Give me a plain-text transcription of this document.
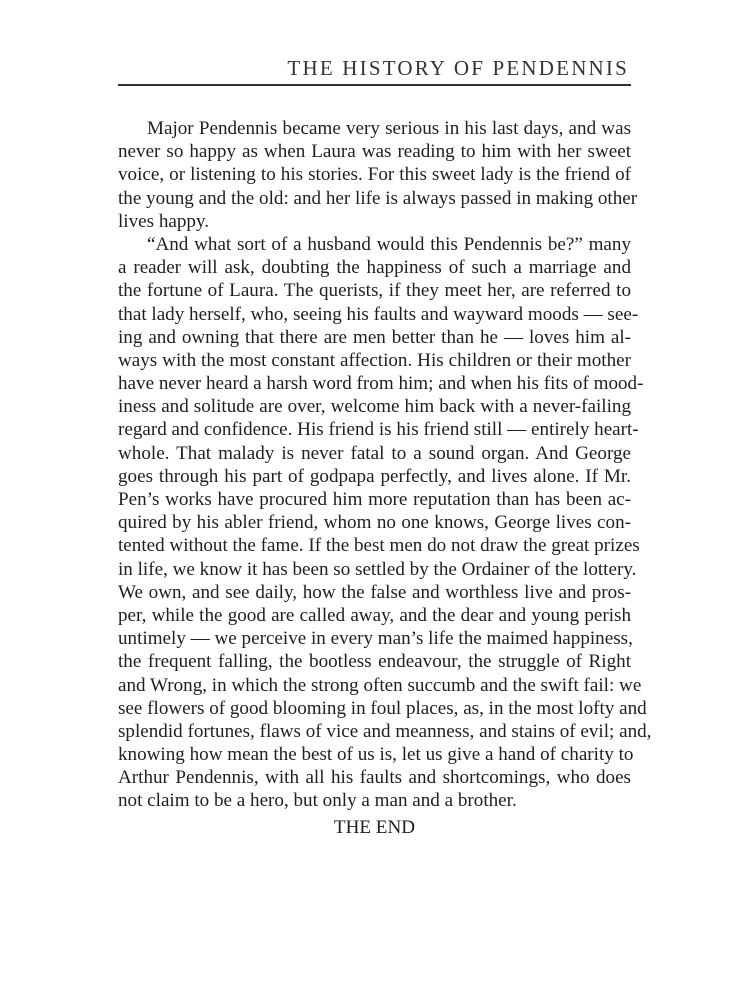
THE HISTORY OF PENDENNIS
Major Pendennis became very serious in his last days, and was
never so happy as when Laura was reading to him with her sweet
voice, or listening to his stories. For this sweet lady is the friend of
the young and the old: and her life is always passed in making other
lives happy.
“And what sort of a husband would this Pendennis be?” many
a reader will ask, doubting the happiness of such a marriage and
the fortune of Laura. The querists, if they meet her, are referred to
that lady herself, who, seeing his faults and wayward moods — see-
ing and owning that there are men better than he — loves him al-
ways with the most constant affection. His children or their mother
have never heard a harsh word from him; and when his fits of mood-
iness and solitude are over, welcome him back with a never-failing
regard and confidence. His friend is his friend still — entirely heart-
whole. That malady is never fatal to a sound organ. And George
goes through his part of godpapa perfectly, and lives alone. If Mr.
Pen’s works have procured him more reputation than has been ac-
quired by his abler friend, whom no one knows, George lives con-
tented without the fame. If the best men do not draw the great prizes
in life, we know it has been so settled by the Ordainer of the lottery.
We own, and see daily, how the false and worthless live and pros-
per, while the good are called away, and the dear and young perish
untimely — we perceive in every man’s life the maimed happiness,
the frequent falling, the bootless endeavour, the struggle of Right
and Wrong, in which the strong often succumb and the swift fail: we
see flowers of good blooming in foul places, as, in the most lofty and
splendid fortunes, flaws of vice and meanness, and stains of evil; and,
knowing how mean the best of us is, let us give a hand of charity to
Arthur Pendennis, with all his faults and shortcomings, who does
not claim to be a hero, but only a man and a brother.
THE END
